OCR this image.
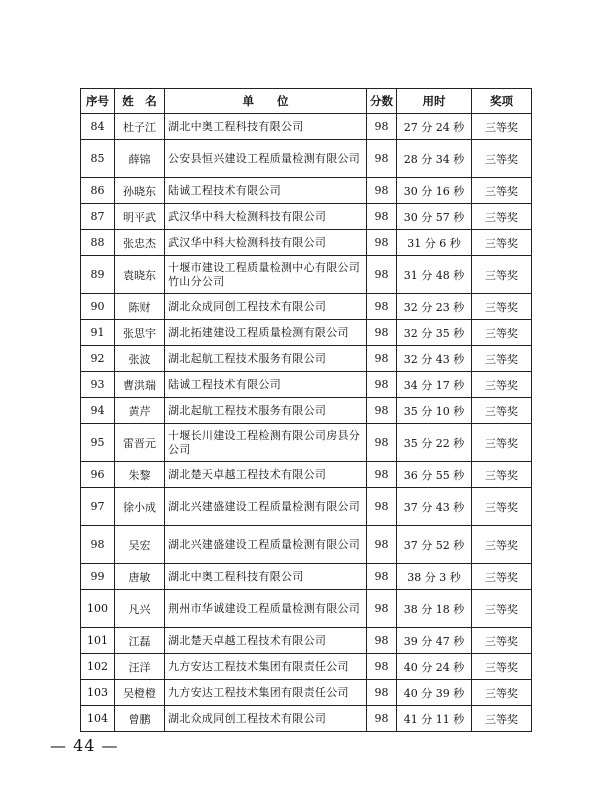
序号	姓　名	单　　位	分数	用时	奖项
84	杜子江	湖北中奥工程科技有限公司	98	27 分 24 秒	三等奖
85	薛锦	公安县恒兴建设工程质量检测有限公司	98	28 分 34 秒	三等奖
86	孙晓东	陆诚工程技术有限公司	98	30 分 16 秒	三等奖
87	明平武	武汉华中科大检测科技有限公司	98	30 分 57 秒	三等奖
88	张忠杰	武汉华中科大检测科技有限公司	98	31 分 6 秒	三等奖
89	袁晓东	十堰市建设工程质量检测中心有限公司竹山分公司	98	31 分 48 秒	三等奖
90	陈财	湖北众成同创工程技术有限公司	98	32 分 23 秒	三等奖
91	张思宇	湖北拓建建设工程质量检测有限公司	98	32 分 35 秒	三等奖
92	张波	湖北起航工程技术服务有限公司	98	32 分 43 秒	三等奖
93	曹洪瑞	陆诚工程技术有限公司	98	34 分 17 秒	三等奖
94	黄芹	湖北起航工程技术服务有限公司	98	35 分 10 秒	三等奖
95	雷晋元	十堰长川建设工程检测有限公司房县分公司	98	35 分 22 秒	三等奖
96	朱黎	湖北楚天卓越工程技术有限公司	98	36 分 55 秒	三等奖
97	徐小成	湖北兴建盛建设工程质量检测有限公司	98	37 分 43 秒	三等奖
98	吴宏	湖北兴建盛建设工程质量检测有限公司	98	37 分 52 秒	三等奖
99	唐敏	湖北中奥工程科技有限公司	98	38 分 3 秒	三等奖
100	凡兴	荆州市华诚建设工程质量检测有限公司	98	38 分 18 秒	三等奖
101	江磊	湖北楚天卓越工程技术有限公司	98	39 分 47 秒	三等奖
102	汪洋	九方安达工程技术集团有限责任公司	98	40 分 24 秒	三等奖
103	吴橙橙	九方安达工程技术集团有限责任公司	98	40 分 39 秒	三等奖
104	曾鹏	湖北众成同创工程技术有限公司	98	41 分 11 秒	三等奖
— 44 —
